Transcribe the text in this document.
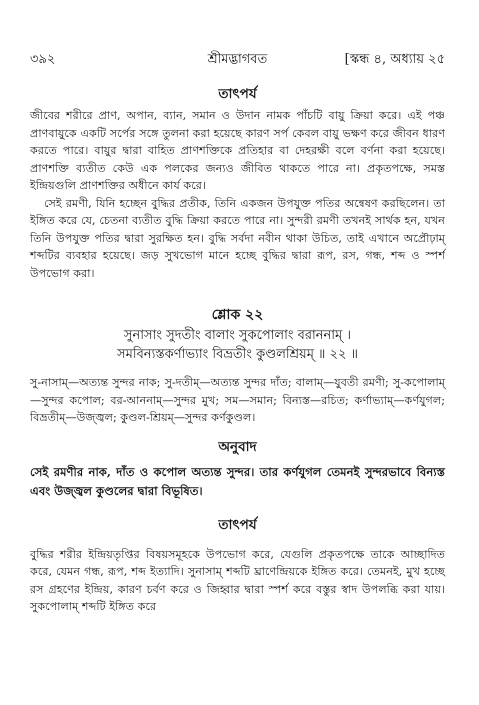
৩৯২	শ্রীমদ্ভাগবত	[স্কন্ধ ৪, অধ্যায় ২৫
তাৎপর্য

জীবের শরীরে প্রাণ, অপান, ব্যান, সমান ও উদান নামক পাঁচটি বায়ু ক্রিয়া করে। এই পঞ্চ প্রাণবায়ুকে একটি সর্পের সঙ্গে তুলনা করা হয়েছে কারণ সর্প কেবল বায়ু ভক্ষণ করে জীবন ধারণ করতে পারে। বায়ুর দ্বারা বাহিত প্রাণশক্তিকে প্রতিহার বা দেহরক্ষী বলে বর্ণনা করা হয়েছে। প্রাণশক্তি ব্যতীত কেউ এক পলকের জন্যও জীবিত থাকতে পারে না। প্রকৃতপক্ষে, সমস্ত ইন্দ্রিয়গুলি প্রাণশক্তির অধীনে কার্য করে।

সেই রমণী, যিনি হচ্ছেন বুদ্ধির প্রতীক, তিনি একজন উপযুক্ত পতির অন্বেষণ করছিলেন। তা ইঙ্গিত করে যে, চেতনা ব্যতীত বুদ্ধি ক্রিয়া করতে পারে না। সুন্দরী রমণী তখনই সার্থক হন, যখন তিনি উপযুক্ত পতির দ্বারা সুরক্ষিত হন। বুদ্ধি সর্বদা নবীন থাকা উচিত, তাই এখানে অপ্রৌঢ়াম্ শব্দটির ব্যবহার হয়েছে। জড় সুখভোগ মানে হচ্ছে বুদ্ধির দ্বারা রূপ, রস, গন্ধ, শব্দ ও স্পর্শ উপভোগ করা।

শ্লোক ২২
সুনাসাং সুদতীং বালাং সুকপোলাং বরাননাম্ ।
সমবিন্যস্তকর্ণাভ্যাং বিভ্রতীং কুণ্ডলশ্রিয়ম্ ॥ ২২ ॥
সু-নাসাম্—অত্যন্ত সুন্দর নাক; সু-দতীম্—অত্যন্ত সুন্দর দাঁত; বালাম্—যুবতী রমণী; সু-কপোলাম্—সুন্দর কপোল; বর-আননাম্—সুন্দর মুখ; সম—সমান; বিন্যস্ত—রচিত; কর্ণাভ্যাম্—কর্ণযুগল; বিভ্রতীম্—উজ্জ্বল; কুণ্ডল-শ্রিয়ম্—সুন্দর কর্ণকুণ্ডল।
অনুবাদ
সেই রমণীর নাক, দাঁত ও কপোল অত্যন্ত সুন্দর। তার কর্ণযুগল তেমনই সুন্দরভাবে বিন্যস্ত এবং উজ্জ্বল কুণ্ডলের দ্বারা বিভূষিত।
তাৎপর্য

বুদ্ধির শরীর ইন্দ্রিয়তৃপ্তির বিষয়সমূহকে উপভোগ করে, যেগুলি প্রকৃতপক্ষে তাকে আচ্ছাদিত করে, যেমন গন্ধ, রূপ, শব্দ ইত্যাদি। সুনাসাম্ শব্দটি ঘ্রাণেন্দ্রিয়কে ইঙ্গিত করে। তেমনই, মুখ হচ্ছে রস গ্রহণের ইন্দ্রিয়, কারণ চর্বণ করে ও জিহ্বার দ্বারা স্পর্শ করে বস্তুর স্বাদ উপলব্ধি করা যায়। সুকপোলাম্ শব্দটি ইঙ্গিত করে
